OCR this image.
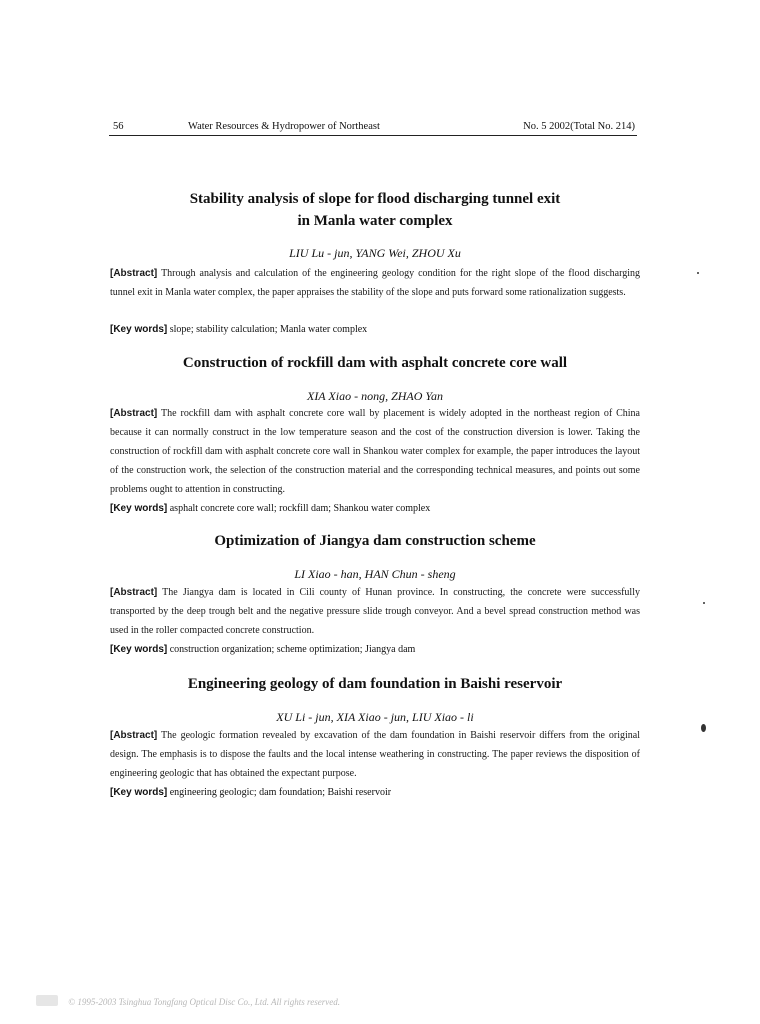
56	Water Resources & Hydropower of Northeast	No. 5 2002(Total No. 214)

Stability analysis of slope for flood discharging tunnel exit
in Manla water complex

LIU Lu - jun, YANG Wei, ZHOU Xu

[Abstract] Through analysis and calculation of the engineering geology condition for the right slope of the flood discharging tunnel exit in Manla water complex, the paper appraises the stability of the slope and puts forward some rationalization suggests.

[Key words] slope; stability calculation; Manla water complex

Construction of rockfill dam with asphalt concrete core wall

XIA Xiao - nong, ZHAO Yan

[Abstract] The rockfill dam with asphalt concrete core wall by placement is widely adopted in the northeast region of China because it can normally construct in the low temperature season and the cost of the construction diversion is lower. Taking the construction of rockfill dam with asphalt concrete core wall in Shankou water complex for example, the paper introduces the layout of the construction work, the selection of the construction material and the corresponding technical measures, and points out some problems ought to attention in constructing.

[Key words] asphalt concrete core wall; rockfill dam; Shankou water complex

Optimization of Jiangya dam construction scheme

LI Xiao - han, HAN Chun - sheng

[Abstract] The Jiangya dam is located in Cili county of Hunan province. In constructing, the concrete were successfully transported by the deep trough belt and the negative pressure slide trough conveyor. And a bevel spread construction method was used in the roller compacted concrete construction.

[Key words] construction organization; scheme optimization; Jiangya dam

Engineering geology of dam foundation in Baishi reservoir

XU Li - jun, XIA Xiao - jun, LIU Xiao - li

[Abstract] The geologic formation revealed by excavation of the dam foundation in Baishi reservoir differs from the original design. The emphasis is to dispose the faults and the local intense weathering in constructing. The paper reviews the disposition of engineering geologic that has obtained the expectant purpose.

[Key words] engineering geologic; dam foundation; Baishi reservoir

© 1995-2003 Tsinghua Tongfang Optical Disc Co., Ltd. All rights reserved.
